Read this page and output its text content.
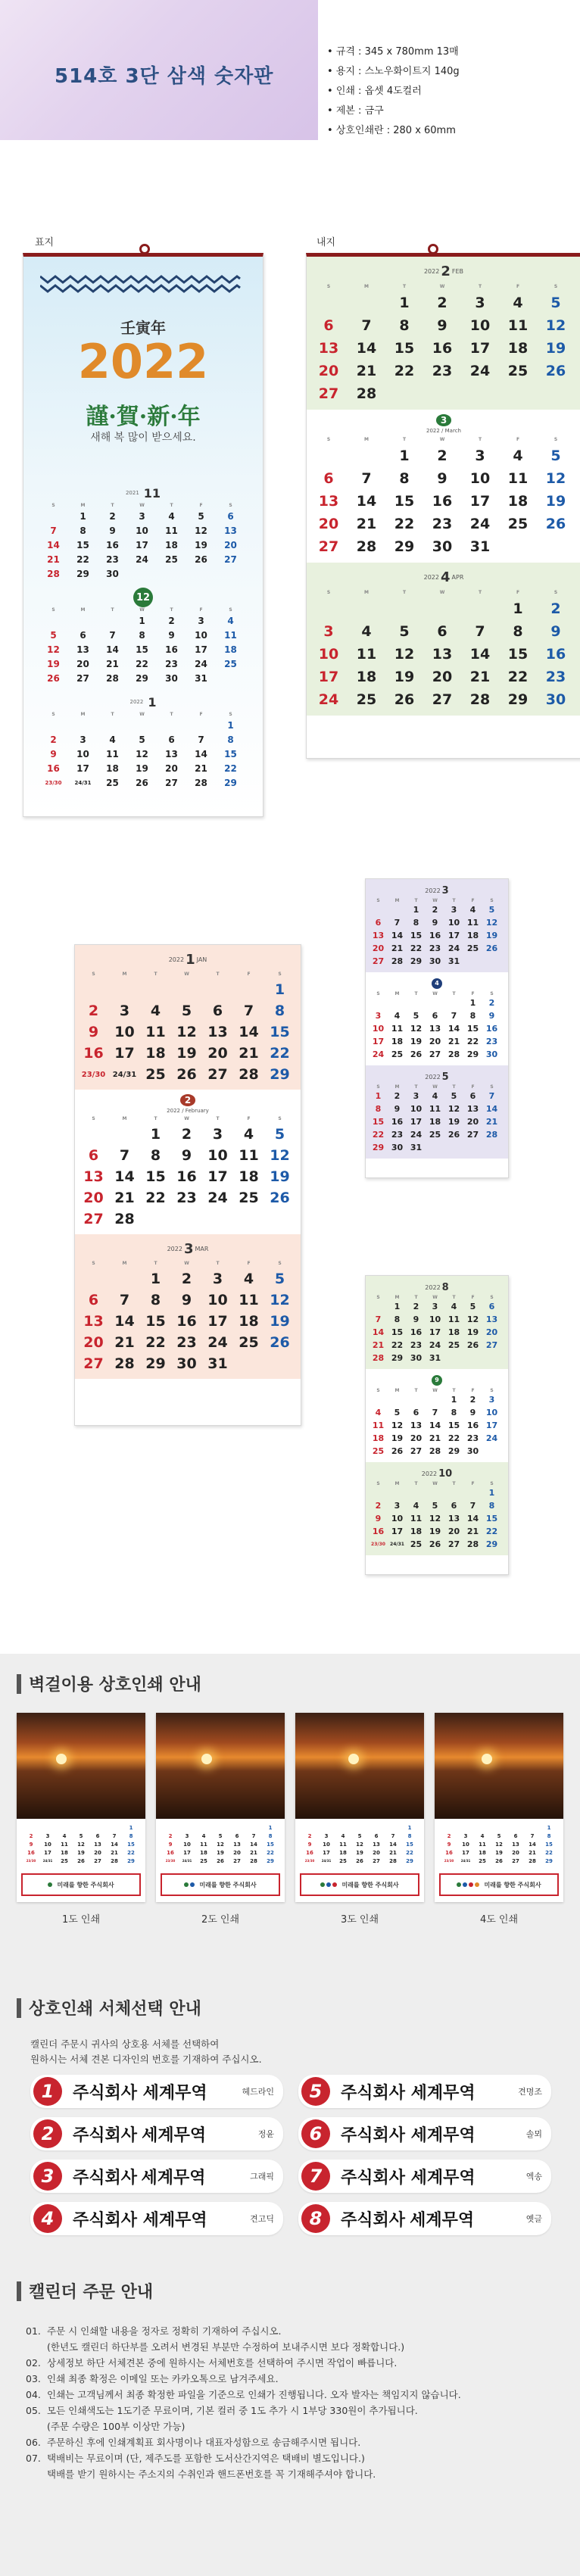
514호 3단 삼색 숫자판
• 규격 : 345 x 780mm 13매
• 용지 : 스노우화이트지 140g
• 인쇄 : 옵셋 4도컬러
• 제본 : 금구
• 상호인쇄란 : 280 x 60mm
표지	내지
壬寅年
2022
謹·賀·新·年
새해 복 많이 받으세요.
2021 11
S	M	T	W	T	F	S
	1	2	3	4	5	6
7	8	9	10	11	12	13
14	15	16	17	18	19	20
21	22	23	24	25	26	27
28	29	30				
12
S	M	T	W	T	F	S
			1	2	3	4
5	6	7	8	9	10	11
12	13	14	15	16	17	18
19	20	21	22	23	24	25
26	27	28	29	30	31	
2022 1
S	M	T	W	T	F	S
						1
2	3	4	5	6	7	8
9	10	11	12	13	14	15
16	17	18	19	20	21	22
23/30	24/31	25	26	27	28	29
2022 2 FEB
S	M	T	W	T	F	S
		1	2	3	4	5
6	7	8	9	10	11	12
13	14	15	16	17	18	19
20	21	22	23	24	25	26
27	28					
3
2022 / March
S	M	T	W	T	F	S
		1	2	3	4	5
6	7	8	9	10	11	12
13	14	15	16	17	18	19
20	21	22	23	24	25	26
27	28	29	30	31		
2022 4 APR
S	M	T	W	T	F	S
					1	2
3	4	5	6	7	8	9
10	11	12	13	14	15	16
17	18	19	20	21	22	23
24	25	26	27	28	29	30
2022 1 JAN
S	M	T	W	T	F	S
						1
2	3	4	5	6	7	8
9	10	11	12	13	14	15
16	17	18	19	20	21	22
23/30	24/31	25	26	27	28	29
2
2022 / February
S	M	T	W	T	F	S
		1	2	3	4	5
6	7	8	9	10	11	12
13	14	15	16	17	18	19
20	21	22	23	24	25	26
27	28					
2022 3 MAR
S	M	T	W	T	F	S
		1	2	3	4	5
6	7	8	9	10	11	12
13	14	15	16	17	18	19
20	21	22	23	24	25	26
27	28	29	30	31		
2022 3
S	M	T	W	T	F	S
		1	2	3	4	5
6	7	8	9	10	11	12
13	14	15	16	17	18	19
20	21	22	23	24	25	26
27	28	29	30	31		
4
S	M	T	W	T	F	S
					1	2
3	4	5	6	7	8	9
10	11	12	13	14	15	16
17	18	19	20	21	22	23
24	25	26	27	28	29	30
2022 5
S	M	T	W	T	F	S
1	2	3	4	5	6	7
8	9	10	11	12	13	14
15	16	17	18	19	20	21
22	23	24	25	26	27	28
29	30	31				
2022 8
S	M	T	W	T	F	S
	1	2	3	4	5	6
7	8	9	10	11	12	13
14	15	16	17	18	19	20
21	22	23	24	25	26	27
28	29	30	31			
9
S	M	T	W	T	F	S
				1	2	3
4	5	6	7	8	9	10
11	12	13	14	15	16	17
18	19	20	21	22	23	24
25	26	27	28	29	30	
2022 10
S	M	T	W	T	F	S
						1
2	3	4	5	6	7	8
9	10	11	12	13	14	15
16	17	18	19	20	21	22
23/30	24/31	25	26	27	28	29
벽걸이용 상호인쇄 안내
						1
2	3	4	5	6	7	8
9	10	11	12	13	14	15
16	17	18	19	20	21	22
23/30	24/31	25	26	27	28	29
미래를 향한 주식회사
1도 인쇄
						1
2	3	4	5	6	7	8
9	10	11	12	13	14	15
16	17	18	19	20	21	22
23/30	24/31	25	26	27	28	29
미래를 향한 주식회사
2도 인쇄
						1
2	3	4	5	6	7	8
9	10	11	12	13	14	15
16	17	18	19	20	21	22
23/30	24/31	25	26	27	28	29
미래를 향한 주식회사
3도 인쇄
						1
2	3	4	5	6	7	8
9	10	11	12	13	14	15
16	17	18	19	20	21	22
23/30	24/31	25	26	27	28	29
미래를 향한 주식회사
4도 인쇄
상호인쇄 서체선택 안내
캘린더 주문시 귀사의 상호용 서체를 선택하여
원하시는 서체 견본 디자인의 번호를 기재하여 주십시오.
1	주식회사 세계무역	헤드라인	5	주식회사 세계무역	견명조
2	주식회사 세계무역	정윤	6	주식회사 세계무역	솔뫼
3	주식회사 세계무역	그래픽	7	주식회사 세계무역	엑송
4	주식회사 세계무역	견고딕	8	주식회사 세계무역	옛글
캘린더 주문 안내
01. 주문 시 인쇄할 내용을 정자로 정확히 기재하여 주십시오.
(한년도 캘린더 하단부를 오려서 변경된 부분만 수정하여 보내주시면 보다 정확합니다.)
02. 상세정보 하단 서체견본 중에 원하시는 서체번호를 선택하여 주시면 작업이 빠릅니다.
03. 인쇄 최종 확정은 이메일 또는 카카오톡으로 남겨주세요.
04. 인쇄는 고객님께서 최종 확정한 파일을 기준으로 인쇄가 진행됩니다. 오자 발자는 책임지지 않습니다.
05. 모든 인쇄색도는 1도기준 무료이며, 기본 컬러 중 1도 추가 시 1부당 330원이 추가됩니다.
(주문 수량은 100부 이상만 가능)
06. 주문하신 후에 인쇄계획표 회사명이나 대표자성함으로 송금해주시면 됩니다.
07. 택배비는 무료이며 (단, 제주도를 포함한 도서산간지역은 택배비 별도입니다.)
택배를 받기 원하시는 주소지의 수취인과 핸드폰번호를 꼭 기재해주셔야 합니다.
